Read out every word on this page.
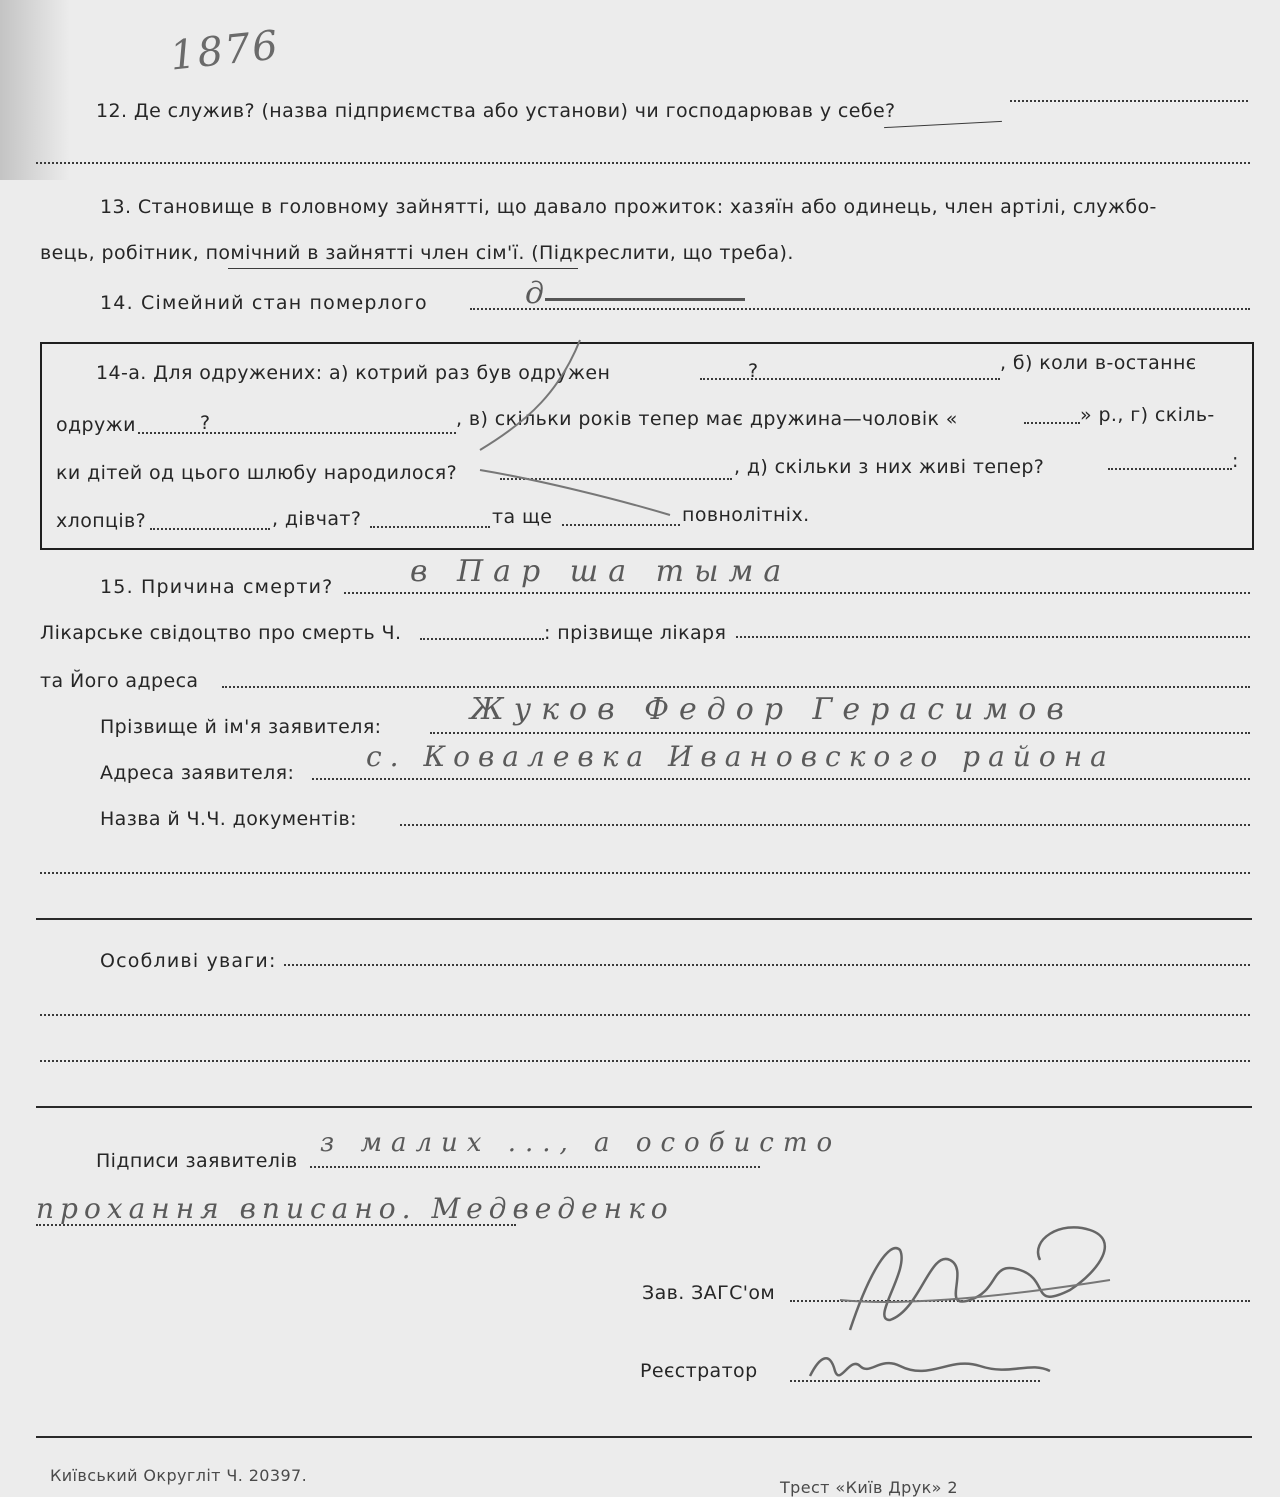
1876
12. Де служив? (назва підприємства або установи) чи господарював у себе?
13. Становище в головному зайнятті, що давало прожиток: хазяїн або одинець, член артілі, службо-
вець, робітник, помічний в зайнятті член сім'ї. (Підкреслити, що треба).
14. Сімейний стан померлого	д
14-а. Для одружених: а) котрий раз був одружен	?	, б) коли в-останнє
одружи	?	, в) скільки років тепер має дружина—чоловік «	» р., г) скіль-
ки дітей од цього шлюбу народилося?	, д) скільки з них живі тепер?	:
хлопців?	, дівчат?	та ще	повнолітніх.
15. Причина смерти?	в Пар ша тыма
Лікарське свідоцтво про смерть Ч.	: прізвище лікаря
та Його адреса
Прізвище й ім'я заявителя:	Жуков Федор Герасимов
Адреса заявителя:	с. Ковалевка Ивановского района
Назва й Ч.Ч. документів:
Особливі уваги:
Підписи заявителів
з малих ..., а особисто
прохання вписано. Медведенко
Зав. ЗАГС'ом
Реєстратор
Київський Округліт Ч. 20397.
Трест «Київ Друк» 2
